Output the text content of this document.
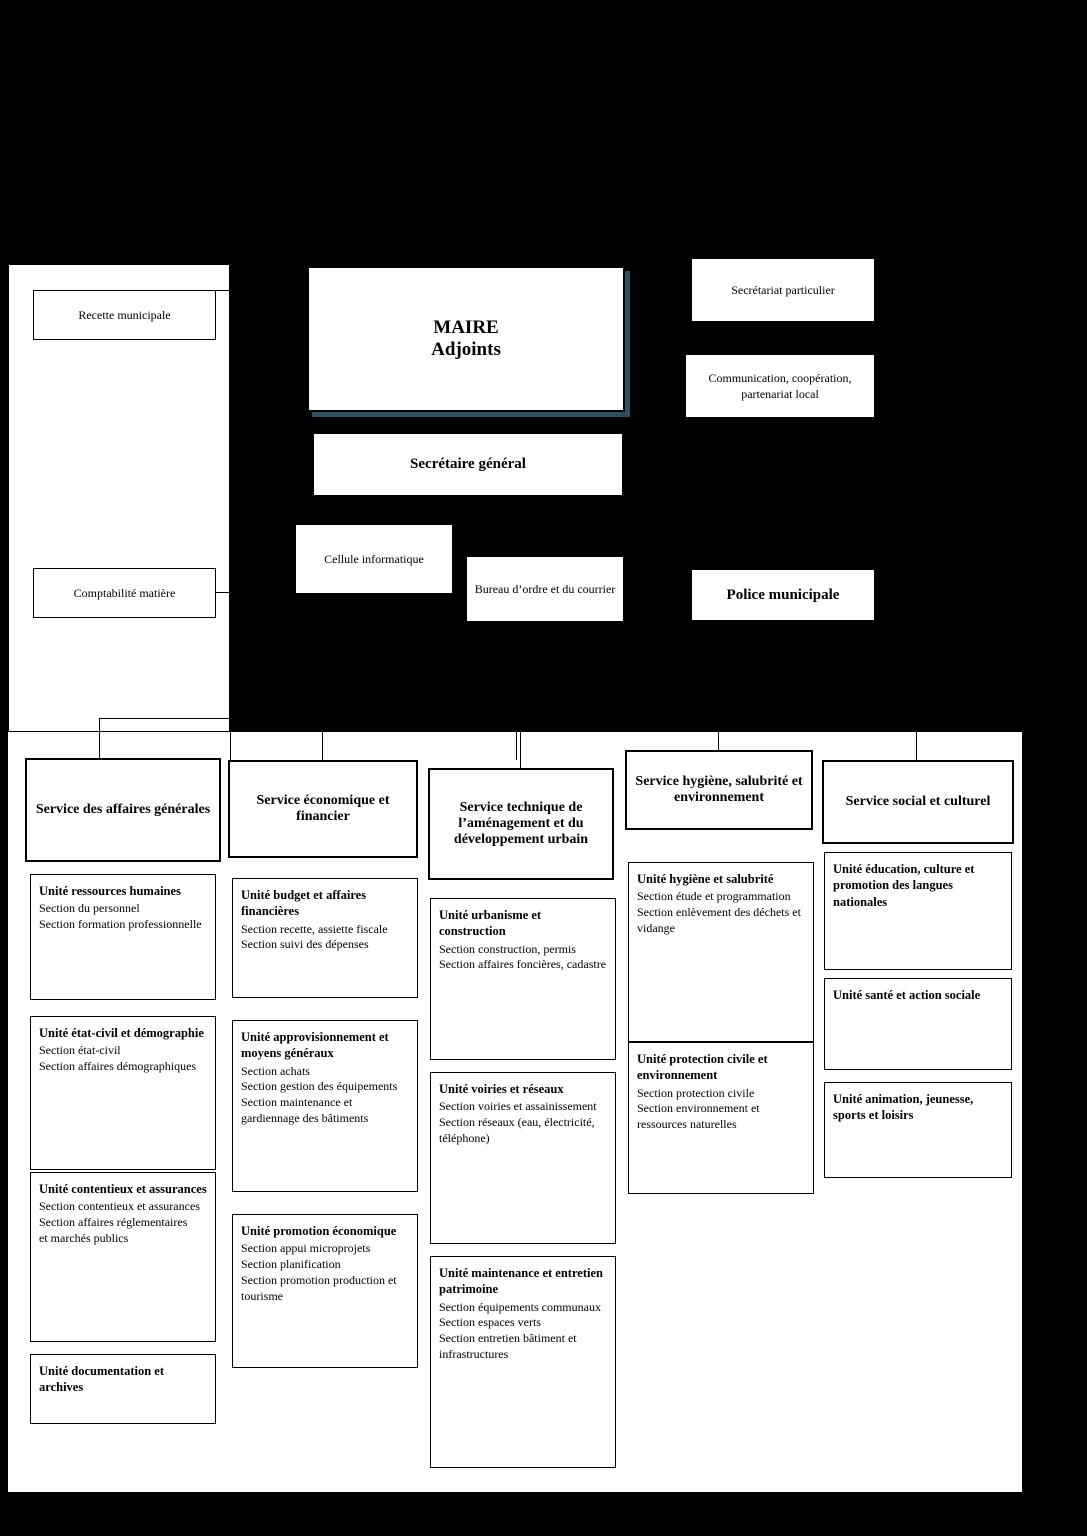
MAIRE
Adjoints
Secrétaire général
Recette municipale
Comptabilité matière
Secrétariat particulier
Communication, coopération,
partenariat local
Cellule informatique
Bureau d’ordre et du courrier	Police municipale
Service des affaires générales
Unité ressources humaines
Section du personnel
Section formation professionnelle
Unité état-civil et démographie
Section état-civil
Section affaires démographiques
Unité contentieux et assurances
Section contentieux et assurances
Section affaires réglementaires
et marchés publics
Unité documentation et archives
Service économique et financier
Unité budget et affaires financières
Section recette, assiette fiscale
Section suivi des dépenses
Unité approvisionnement et moyens généraux
Section achats
Section gestion des équipements
Section maintenance et gardiennage des bâtiments
Unité promotion économique
Section appui microprojets
Section planification
Section promotion production et tourisme
Service technique de
l’aménagement et du
développement urbain
Unité urbanisme et construction
Section construction, permis
Section affaires foncières, cadastre
Unité voiries et réseaux
Section voiries et assainissement
Section réseaux (eau, électricité, téléphone)
Unité maintenance et entretien patrimoine
Section équipements communaux
Section espaces verts
Section entretien bâtiment et infrastructures
Service hygiène, salubrité et
environnement
Unité hygiène et salubrité
Section étude et programmation
Section enlèvement des déchets et vidange
Unité protection civile et environnement
Section protection civile
Section environnement et ressources naturelles
Service social et culturel
Unité éducation, culture et promotion des langues nationales
Unité santé et action sociale
Unité animation, jeunesse, sports et loisirs
